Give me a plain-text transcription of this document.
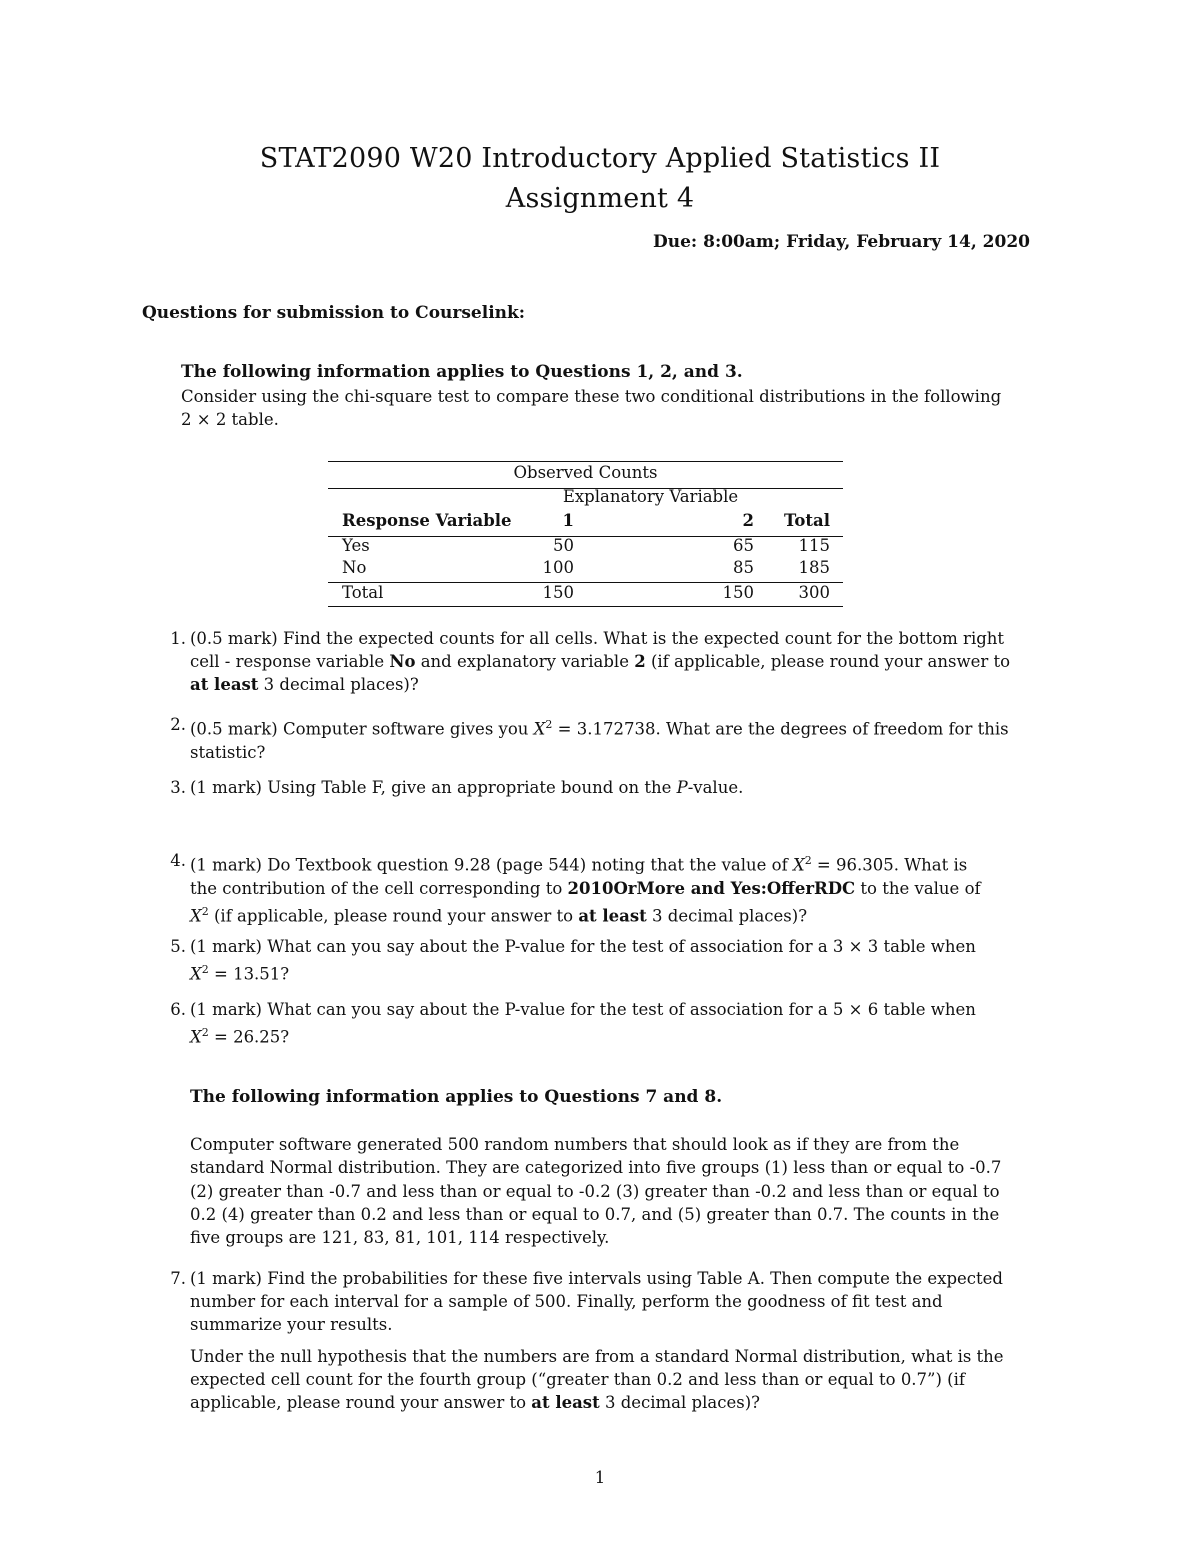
STAT2090 W20 Introductory Applied Statistics II
Assignment 4
Due: 8:00am; Friday, February 14, 2020
Questions for submission to Courselink:
The following information applies to Questions 1, 2, and 3.
Consider using the chi-square test to compare these two conditional distributions in the following
2 × 2 table.
Observed Counts
Explanatory Variable
Response Variable	1	2	Total
Yes	50	65	115
No	100	85	185
Total	150	150	300
1. (0.5 mark) Find the expected counts for all cells. What is the expected count for the bottom right
cell - response variable No and explanatory variable 2 (if applicable, please round your answer to
at least 3 decimal places)?
2. (0.5 mark) Computer software gives you $X^2 = 3.172738$. What are the degrees of freedom for this
statistic?
3. (1 mark) Using Table F, give an appropriate bound on the P-value.
4. (1 mark) Do Textbook question 9.28 (page 544) noting that the value of $X^2 = 96.305$. What is
the contribution of the cell corresponding to 2010OrMore and Yes:OfferRDC to the value of
$X^2$ (if applicable, please round your answer to at least 3 decimal places)?
5. (1 mark) What can you say about the P-value for the test of association for a 3 × 3 table when
$X^2 = 13.51$?
6. (1 mark) What can you say about the P-value for the test of association for a 5 × 6 table when
$X^2 = 26.25$?
The following information applies to Questions 7 and 8.
Computer software generated 500 random numbers that should look as if they are from the
standard Normal distribution. They are categorized into five groups (1) less than or equal to -0.7
(2) greater than -0.7 and less than or equal to -0.2 (3) greater than -0.2 and less than or equal to
0.2 (4) greater than 0.2 and less than or equal to 0.7, and (5) greater than 0.7. The counts in the
five groups are 121, 83, 81, 101, 114 respectively.
7. (1 mark) Find the probabilities for these five intervals using Table A. Then compute the expected
number for each interval for a sample of 500. Finally, perform the goodness of fit test and
summarize your results.
Under the null hypothesis that the numbers are from a standard Normal distribution, what is the
expected cell count for the fourth group (“greater than 0.2 and less than or equal to 0.7”) (if
applicable, please round your answer to at least 3 decimal places)?
1
